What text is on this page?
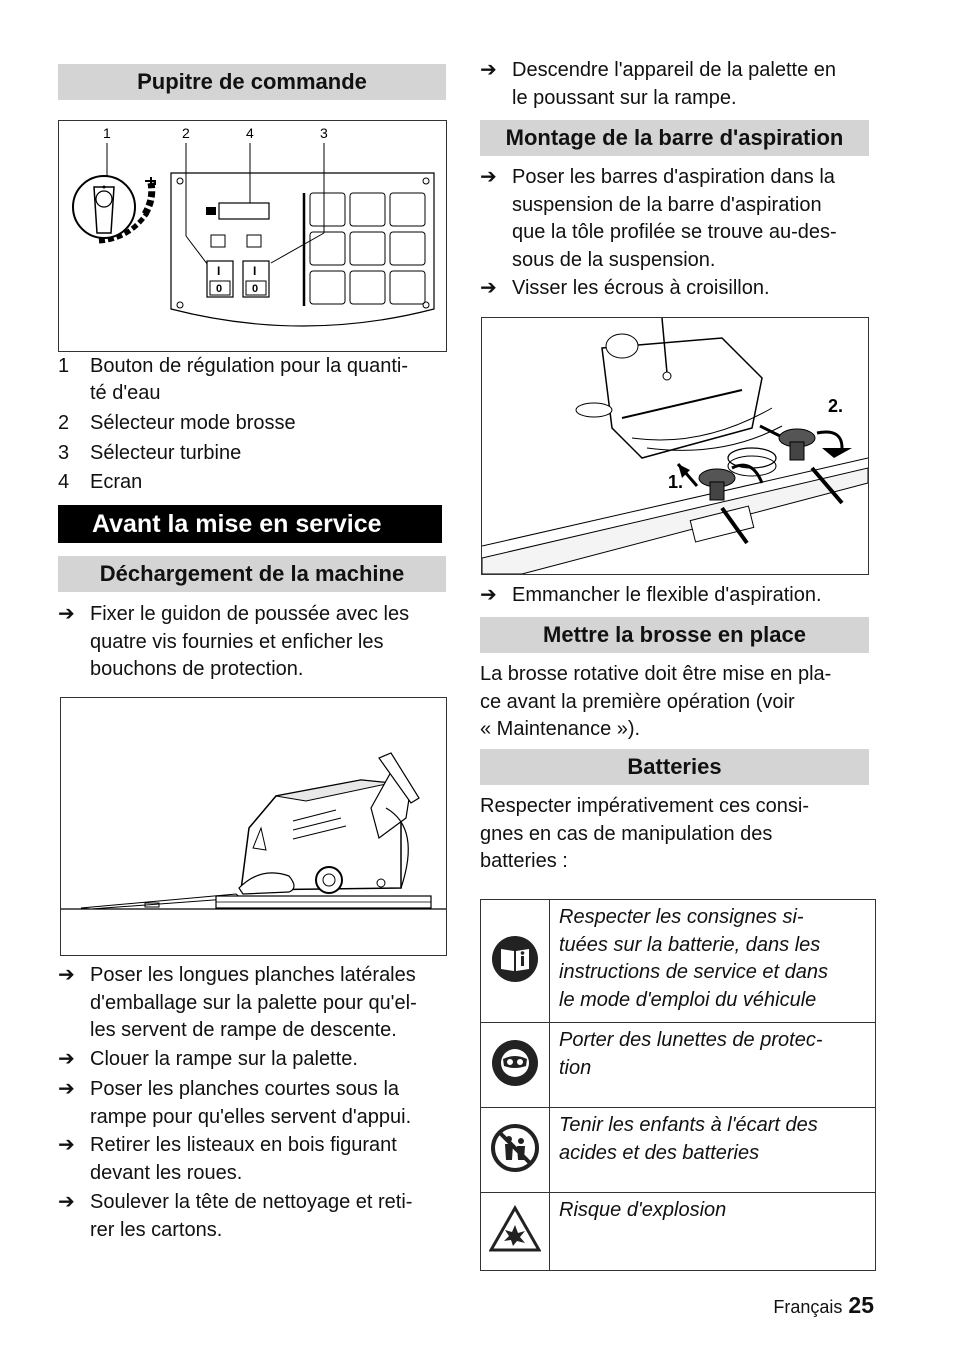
Pupitre de commande
1	2	4	3
I
0
I
0
1 Bouton de régulation pour la quanti-
té d'eau
2 Sélecteur mode brosse
3 Sélecteur turbine
4 Ecran
Avant la mise en service
Déchargement de la machine
➔ Fixer le guidon de poussée avec les
quatre vis fournies et enficher les
bouchons de protection.
➔ Poser les longues planches latérales
d'emballage sur la palette pour qu'el-
les servent de rampe de descente.
➔ Clouer la rampe sur la palette.
➔ Poser les planches courtes sous la
rampe pour qu'elles servent d'appui.
➔ Retirer les listeaux en bois figurant
devant les roues.
➔ Soulever la tête de nettoyage et reti-
rer les cartons.
➔ Descendre l'appareil de la palette en
le poussant sur la rampe.
Montage de la barre d'aspiration
➔ Poser les barres d'aspiration dans la
suspension de la barre d'aspiration
que la tôle profilée se trouve au-des-
sous de la suspension.
➔ Visser les écrous à croisillon.
2.
1.
➔ Emmancher le flexible d'aspiration.
Mettre la brosse en place
La brosse rotative doit être mise en pla-
ce avant la première opération (voir
« Maintenance »).
Batteries
Respecter impérativement ces consi-
gnes en cas de manipulation des
batteries :

Respecter les consignes si-
tuées sur la batterie, dans les
instructions de service et dans
le mode d'emploi du véhicule

Porter des lunettes de protec-
tion

Tenir les enfants à l'écart des
acides et des batteries

Risque d'explosion
Français 25
